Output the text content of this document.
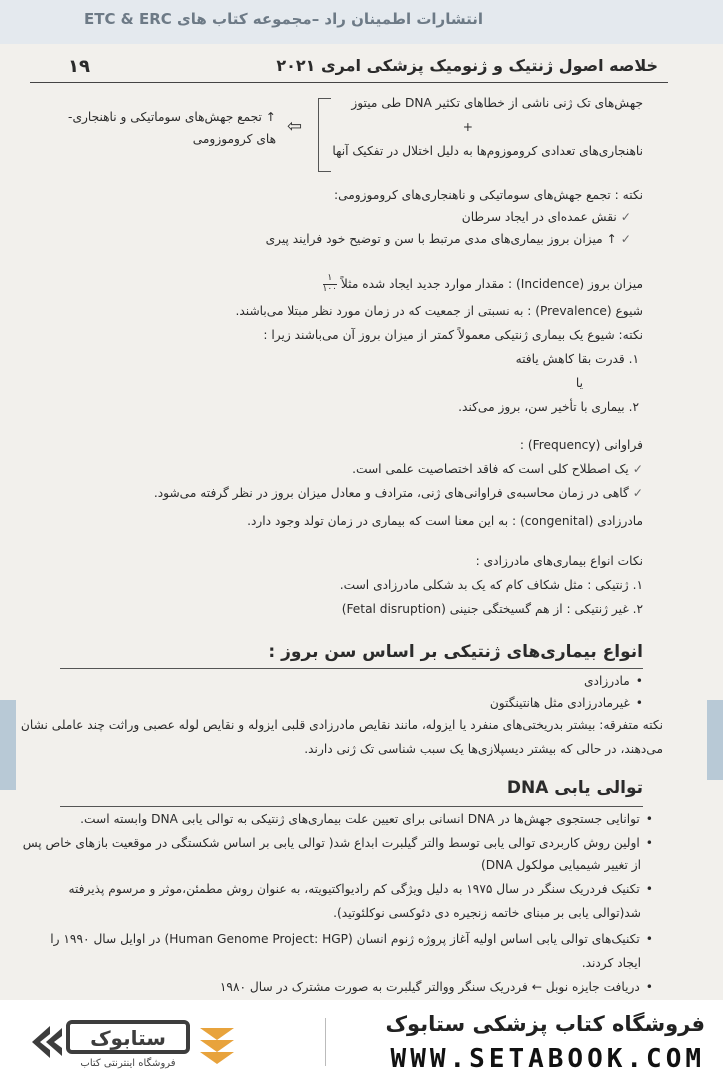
انتشارات اطمینان راد –مجموعه کتاب های ETC & ERC
۱۹	خلاصه اصول ژنتیک و ژنومیک پزشکی امری ۲۰۲۱
جهش‌های تک ژنی ناشی از خطاهای تکثیر DNA طی میتوز
+
ناهنجاری‌های تعدادی کروموزوم‌ها به دلیل اختلال در تفکیک آنها
⇦
↑ تجمع جهش‌های سوماتیکی و ناهنجاری-
های کروموزومی
نکته : تجمع جهش‌های سوماتیکی و ناهنجاری‌های کروموزومی:
✓نقش عمده‌ای در ایجاد سرطان
✓↑ میزان بروز بیماری‌های مدی مرتبط با سن و توضیح خود فرایند پیری
میزان بروز (Incidence) : مقدار موارد جدید ایجاد شده مثلاً
$\frac{۱}{۱۰۰}$
شیوع (Prevalence) : به نسبتی از جمعیت که در زمان مورد نظر مبتلا می‌باشند.
نکته: شیوع یک بیماری ژنتیکی معمولاً کمتر از میزان بروز آن می‌باشند زیرا :
۱. قدرت بقا کاهش یافته
یا
۲. بیماری با تأخیر سن، بروز می‌کند.
فراوانی (Frequency) :
✓یک اصطلاح کلی است که فاقد اختصاصیت علمی است.
✓گاهی در زمان محاسبه‌ی فراوانی‌های ژنی، مترادف و معادل میزان بروز در نظر گرفته می‌شود.
مادرزادی (congenital) : به این معنا است که بیماری در زمان تولد وجود دارد.
نکات انواع بیماری‌های مادرزادی :
۱. ژنتیکی : مثل شکاف کام که یک بد شکلی مادرزادی است.
۲. غیر ژنتیکی : از هم گسیختگی جنینی (Fetal disruption)
انواع بیماری‌های ژنتیکی بر اساس سن بروز :
• مادرزادی
• غیرمادرزادی مثل هانتینگتون
نکته متفرقه: بیشتر بدریختی‌های منفرد یا ایزوله، مانند نقایص مادرزادی قلبی ایزوله و نقایص لوله عصبی وراثت چند عاملی نشان
می‌دهند، در حالی که بیشتر دیسپلازی‌ها یک سبب شناسی تک ژنی دارند.
توالی یابی DNA
• توانایی جستجوی جهش‌ها در DNA انسانی برای تعیین علت بیماری‌های ژنتیکی به توالی یابی DNA وابسته است.
• اولین روش کاربردی توالی یابی توسط والتر گیلبرت ابداع شد( توالی یابی بر اساس شکستگی در موقعیت بازهای خاص پس
از تغییر شیمیایی مولکول DNA)
• تکنیک فردریک سنگر در سال ۱۹۷۵ به دلیل ویژگی کم رادیواکتیویته، به عنوان روش مطمئن،موثر و مرسوم پذیرفته
شد(توالی یابی بر مبنای خاتمه زنجیره دی دئوکسی نوکلئوتید).
• تکنیک‌های توالی یابی اساس اولیه آغاز پروژه ژنوم انسان (Human Genome Project: HGP) در اوایل سال ۱۹۹۰ را
ایجاد کردند.
• دریافت جایزه نوبل ← فردریک سنگر ووالتر گیلبرت به صورت مشترک در سال ۱۹۸۰
ستابوک
فروشگاه اینترنتی کتاب
فروشگاه کتاب پزشکی ستابوک
WWW.SETABOOK.COM
